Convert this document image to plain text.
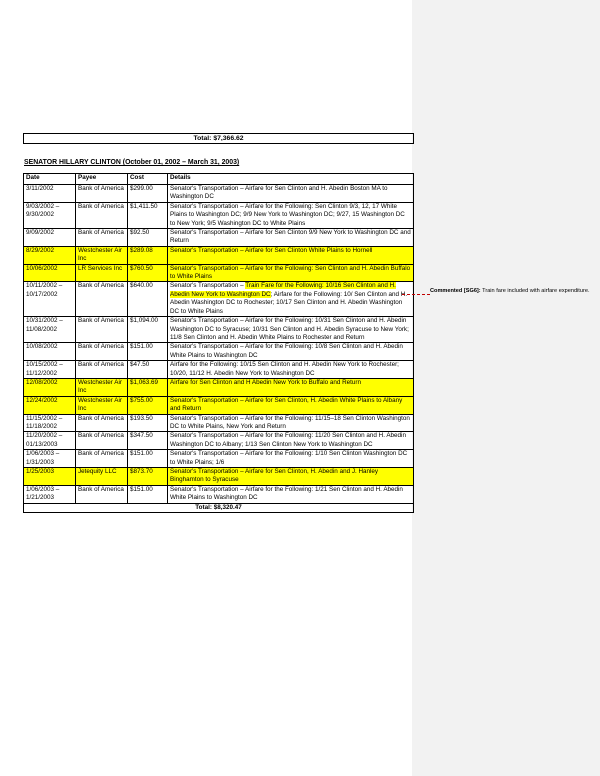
Total: $7,366.62
SENATOR HILLARY CLINTON (October 01, 2002 – March 31, 2003)
Date	Payee	Cost	Details
3/11/2002	Bank of America	$299.00	Senator's Transportation – Airfare for Sen Clinton and H. Abedin Boston MA to Washington DC
9/03/2002 – 9/30/2002	Bank of America	$1,411.50	Senator's Transportation – Airfare for the Following: Sen Clinton 9/3, 12, 17 White Plains to Washington DC; 9/9 New York to Washington DC; 9/27, 15 Washington DC to New York; 9/5 Washington DC to White Plains
9/09/2002	Bank of America	$92.50	Senator's Transportation – Airfare for Sen Clinton 9/9 New York to Washington DC and Return
8/29/2002	Westchester Air Inc	$289.08	Senator's Transportation – Airfare for Sen Clinton White Plains to Hornell
10/06/2002	LR Services Inc	$760.50	Senator's Transportation – Airfare for the Following: Sen Clinton and H. Abedin Buffalo to White Plains
10/11/2002 – 10/17/2002	Bank of America	$640.00	Senator's Transportation – Train Fare for the Following: 10/16 Sen Clinton and H. Abedin New York to Washington DC; Airfare for the Following: 10/ Sen Clinton and H. Abedin Washington DC to Rochester; 10/17 Sen Clinton and H. Abedin Washington DC to White Plains
10/31/2002 – 11/08/2002	Bank of America	$1,094.00	Senator's Transportation – Airfare for the Following: 10/31 Sen Clinton and H. Abedin Washington DC to Syracuse; 10/31 Sen Clinton and H. Abedin Syracuse to New York; 11/8 Sen Clinton and H. Abedin White Plains to Rochester and Return
10/08/2002	Bank of America	$151.00	Senator's Transportation – Airfare for the Following: 10/8 Sen Clinton and H. Abedin White Plains to Washington DC
10/15/2002 – 11/12/2002	Bank of America	$47.50	Airfare for the Following: 10/15 Sen Clinton and H. Abedin New York to Rochester; 10/20, 11/12 H. Abedin New York to Washington DC
12/08/2002	Westchester Air Inc	$1,063.69	Airfare for Sen Clinton and H Abedin New York to Buffalo and Return
12/24/2002	Westchester Air Inc	$755.00	Senator's Transportation – Airfare for Sen Clinton, H. Abedin White Plains to Albany and Return
11/15/2002 – 11/18/2002	Bank of America	$193.50	Senator's Transportation – Airfare for the Following: 11/15–18 Sen Clinton Washington DC to White Plains, New York and Return
11/20/2002 – 01/13/2003	Bank of America	$347.50	Senator's Transportation – Airfare for the Following: 11/20 Sen Clinton and H. Abedin Washington DC to Albany; 1/13 Sen Clinton New York to Washington DC
1/06/2003 – 1/31/2003	Bank of America	$151.00	Senator's Transportation – Airfare for the Following: 1/10 Sen Clinton Washington DC to White Plains; 1/6
1/25/2003	Jetequity LLC	$873.70	Senator's Transportation – Airfare for Sen Clinton, H. Abedin and J. Hanley Binghamton to Syracuse
1/06/2003 – 1/21/2003	Bank of America	$151.00	Senator's Transportation – Airfare for the Following: 1/21 Sen Clinton and H. Abedin White Plains to Washington DC
Total: $8,320.47			
Commented [SG6]: Train fare included with airfare expenditure.
